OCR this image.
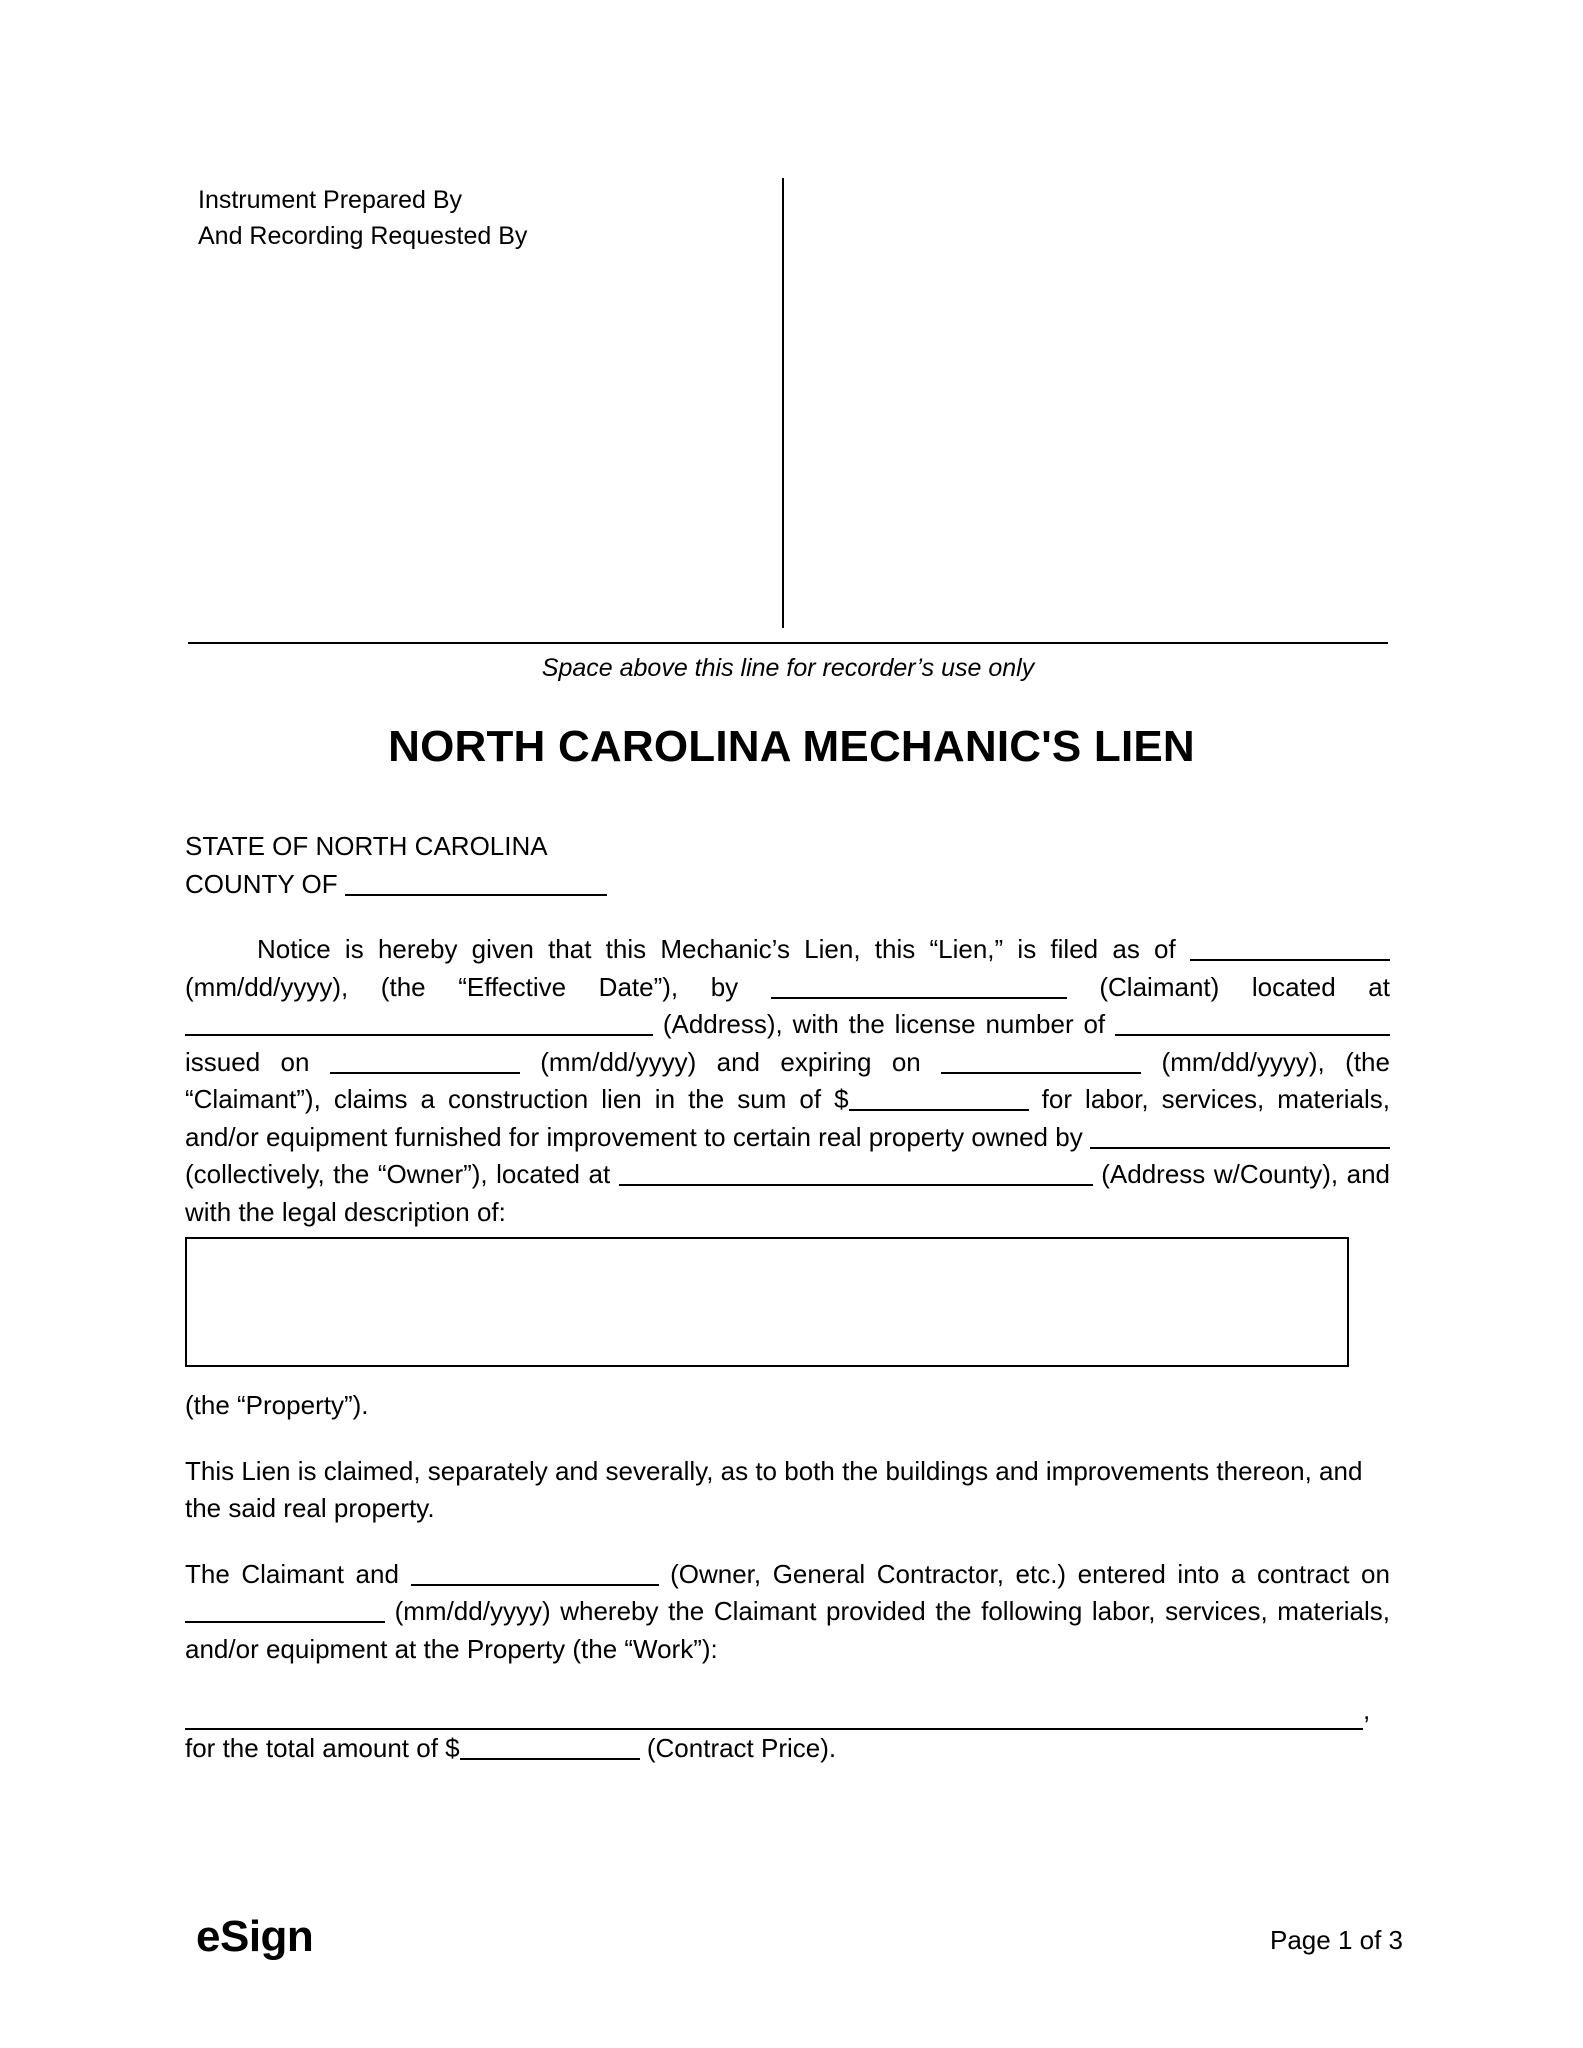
Instrument Prepared By
And Recording Requested By
Space above this line for recorder’s use only
NORTH CAROLINA MECHANIC'S LIEN
STATE OF NORTH CAROLINA
COUNTY OF
Notice is hereby given that this Mechanic’s Lien, this “Lien,” is filed as of  (mm/dd/yyyy), (the “Effective Date”), by	(Claimant) located at  (Address), with the license number of  issued on	(mm/dd/yyyy) and expiring on	(mm/dd/yyyy), (the “Claimant”), claims a construction lien in the sum of $	for labor, services, materials, and/or equipment furnished for improvement to certain real property owned by  (collectively, the “Owner”), located at	(Address w/County), and with the legal description of:
(the “Property”).
This Lien is claimed, separately and severally, as to both the buildings and improvements thereon, and the said real property.
The Claimant and	(Owner, General Contractor, etc.) entered into a contract on  (mm/dd/yyyy) whereby the Claimant provided the following labor, services, materials, and/or equipment at the Property (the “Work”):
,
for the total amount of $	(Contract Price).
eSign	Page 1 of 3
